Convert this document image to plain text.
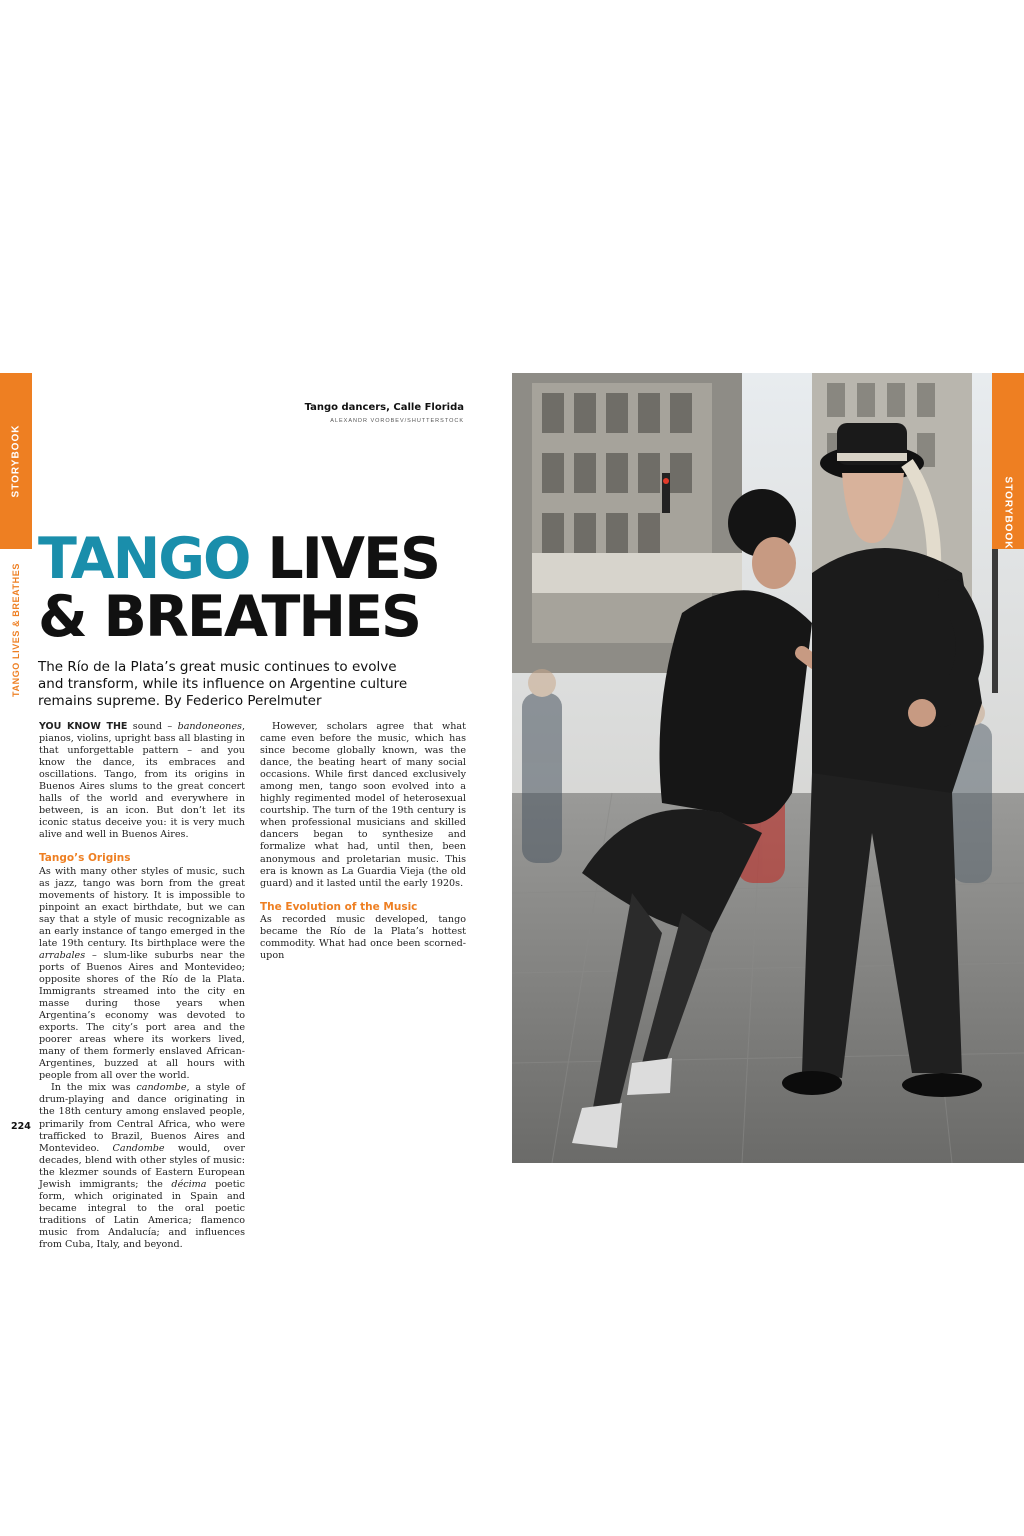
STORYBOOK
TANGO LIVES & BREATHES
Tango dancers, Calle Florida
ALEXANDR VOROBEV/SHUTTERSTOCK
TANGO LIVES
& BREATHES
The Río de la Plata’s great music continues to evolve and transform, while its influence on Argentine culture remains supreme. By Federico Perelmuter

YOU KNOW THE sound – bandoneones, pianos, violins, upright bass all blasting in that unforgettable pattern – and you know the dance, its embraces and oscillations. Tango, from its origins in Buenos Aires slums to the great concert halls of the world and everywhere in between, is an icon. But don’t let its iconic status deceive you: it is very much alive and well in Buenos Aires.

Tango’s Origins

As with many other styles of music, such as jazz, tango was born from the great movements of history. It is impossible to pinpoint an exact birthdate, but we can say that a style of music recognizable as an early instance of tango emerged in the late 19th century. Its birthplace were the arrabales – slum-like suburbs near the ports of Buenos Aires and Montevideo; opposite shores of the Río de la Plata. Immigrants streamed into the city en masse during those years when Argentina’s economy was devoted to exports. The city’s port area and the poorer areas where its workers lived, many of them formerly enslaved African-Argentines, buzzed at all hours with people from all over the world.

In the mix was candombe, a style of drum-playing and dance originating in the 18th century among enslaved people, primarily from Central Africa, who were trafficked to Brazil, Buenos Aires and Montevideo. Candombe would, over decades, blend with other styles of music: the klezmer sounds of Eastern European Jewish immigrants; the décima poetic form, which originated in Spain and became integral to the oral poetic traditions of Latin America; flamenco music from Andalucía; and influences from Cuba, Italy, and beyond.

However, scholars agree that what came even before the music, which has since become globally known, was the dance, the beating heart of many social occasions. While first danced exclusively among men, tango soon evolved into a highly regimented model of heterosexual courtship. The turn of the 19th century is when professional musicians and skilled dancers began to synthesize and formalize what had, until then, been anonymous and proletarian music. This era is known as La Guardia Vieja (the old guard) and it lasted until the early 1920s.

The Evolution of the Music

As recorded music developed, tango became the Río de la Plata’s hottest commodity. What had once been scorned-upon

224
STORYBOOK
